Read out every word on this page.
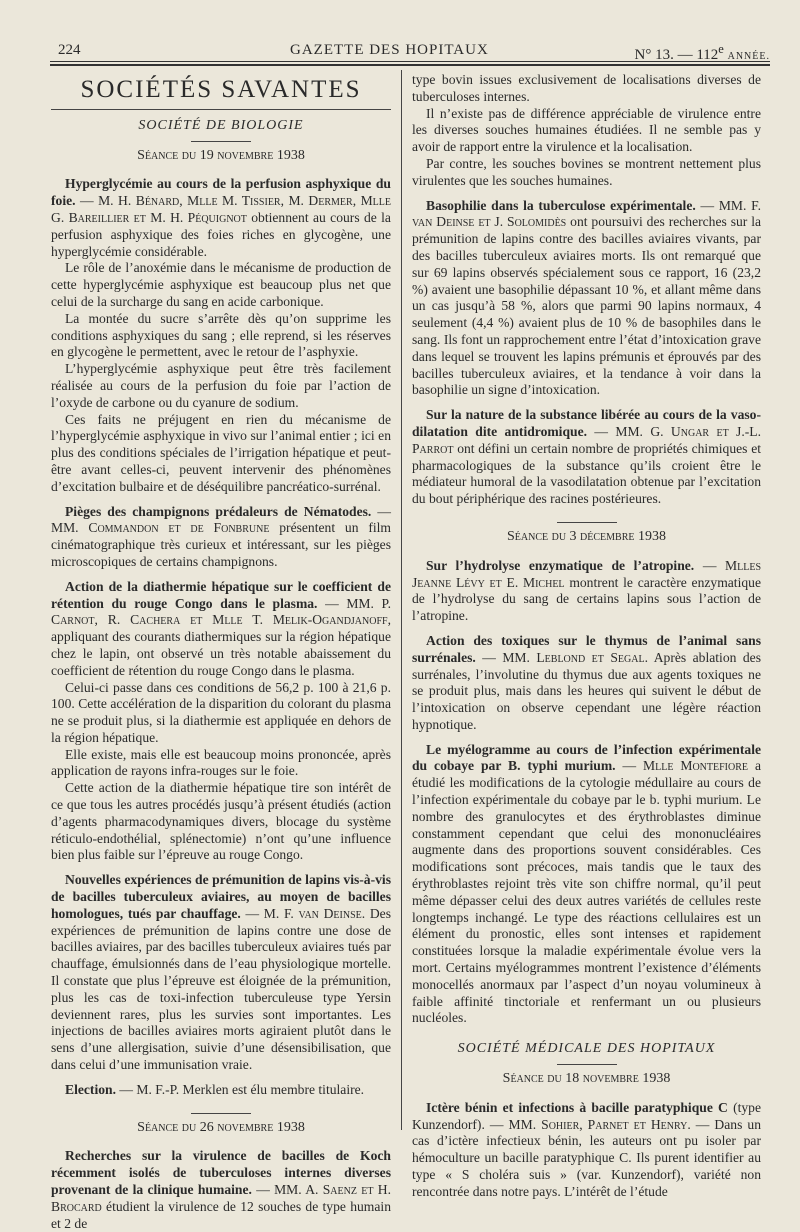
224	GAZETTE DES HOPITAUX	N° 13. — 112e ANNÉE.

SOCIÉTÉS SAVANTES

SOCIÉTÉ DE BIOLOGIE

Séance du 19 novembre 1938

Hyperglycémie au cours de la perfusion asphyxique du foie. — M. H. Bénard, Mlle M. Tissier, M. Dermer, Mlle G. Bareillier et M. H. Péquignot obtiennent au cours de la perfusion asphyxique des foies riches en glycogène, une hyperglycémie considérable.

Le rôle de l’anoxémie dans le mécanisme de production de cette hyperglycémie asphyxique est beaucoup plus net que celui de la surcharge du sang en acide carbonique.

La montée du sucre s’arrête dès qu’on supprime les conditions asphyxiques du sang ; elle reprend, si les réserves en glycogène le permettent, avec le retour de l’asphyxie.

L’hyperglycémie asphyxique peut être très facilement réalisée au cours de la perfusion du foie par l’action de l’oxyde de carbone ou du cyanure de sodium.

Ces faits ne préjugent en rien du mécanisme de l’hyperglycémie asphyxique in vivo sur l’animal entier ; ici en plus des conditions spéciales de l’irrigation hépatique et peut-être avant celles-ci, peuvent intervenir des phénomènes d’excitation bulbaire et de déséquilibre pancréatico-surrénal.

Pièges des champignons prédaleurs de Nématodes. — MM. Commandon et de Fonbrune présentent un film cinématographique très curieux et intéressant, sur les pièges microscopiques de certains champignons.

Action de la diathermie hépatique sur le coefficient de rétention du rouge Congo dans le plasma. — MM. P. Carnot, R. Cachera et Mlle T. Melik-Ogandjanoff, appliquant des courants diathermiques sur la région hépatique chez le lapin, ont observé un très notable abaissement du coefficient de rétention du rouge Congo dans le plasma.

Celui-ci passe dans ces conditions de 56,2 p. 100 à 21,6 p. 100. Cette accélération de la disparition du colorant du plasma ne se produit plus, si la diathermie est appliquée en dehors de la région hépatique.

Elle existe, mais elle est beaucoup moins prononcée, après application de rayons infra-rouges sur le foie.

Cette action de la diathermie hépatique tire son intérêt de ce que tous les autres procédés jusqu’à présent étudiés (action d’agents pharmacodynamiques divers, blocage du système réticulo-endothélial, splénectomie) n’ont qu’une influence bien plus faible sur l’épreuve au rouge Congo.

Nouvelles expériences de prémunition de lapins vis-à-vis de bacilles tuberculeux aviaires, au moyen de bacilles homologues, tués par chauffage. — M. F. van Deinse. Des expériences de prémunition de lapins contre une dose de bacilles aviaires, par des bacilles tuberculeux aviaires tués par chauffage, émulsionnés dans de l’eau physiologique mortelle. Il constate que plus l’épreuve est éloignée de la prémunition, plus les cas de toxi-infection tuberculeuse type Yersin deviennent rares, plus les survies sont importantes. Les injections de bacilles aviaires morts agiraient plutôt dans le sens d’une allergisation, suivie d’une désensibilisation, que dans celui d’une immunisation vraie.

Election. — M. F.-P. Merklen est élu membre titulaire.

Séance du 26 novembre 1938

Recherches sur la virulence de bacilles de Koch récemment isolés de tuberculoses internes diverses provenant de la clinique humaine. — MM. A. Saenz et H. Brocard étudient la virulence de 12 souches de type humain et 2 de

type bovin issues exclusivement de localisations diverses de tuberculoses internes.

Il n’existe pas de différence appréciable de virulence entre les diverses souches humaines étudiées. Il ne semble pas y avoir de rapport entre la virulence et la localisation.

Par contre, les souches bovines se montrent nettement plus virulentes que les souches humaines.

Basophilie dans la tuberculose expérimentale. — MM. F. van Deinse et J. Solomidès ont poursuivi des recherches sur la prémunition de lapins contre des bacilles aviaires vivants, par des bacilles tuberculeux aviaires morts. Ils ont remarqué que sur 69 lapins observés spécialement sous ce rapport, 16 (23,2 %) avaient une basophilie dépassant 10 %, et allant même dans un cas jusqu’à 58 %, alors que parmi 90 lapins normaux, 4 seulement (4,4 %) avaient plus de 10 % de basophiles dans le sang. Ils font un rapprochement entre l’état d’intoxication grave dans lequel se trouvent les lapins prémunis et éprouvés par des bacilles tuberculeux aviaires, et la tendance à voir dans la basophilie un signe d’intoxication.

Sur la nature de la substance libérée au cours de la vaso-dilatation dite antidromique. — MM. G. Ungar et J.-L. Parrot ont défini un certain nombre de propriétés chimiques et pharmacologiques de la substance qu’ils croient être le médiateur humoral de la vasodilatation obtenue par l’excitation du bout périphérique des racines postérieures.

Séance du 3 décembre 1938

Sur l’hydrolyse enzymatique de l’atropine. — Mlles Jeanne Lévy et E. Michel montrent le caractère enzymatique de l’hydrolyse du sang de certains lapins sous l’action de l’atropine.

Action des toxiques sur le thymus de l’animal sans surrénales. — MM. Leblond et Segal. Après ablation des surrénales, l’involutine du thymus due aux agents toxiques ne se produit plus, mais dans les heures qui suivent le début de l’intoxication on observe cependant une légère réaction hypnotique.

Le myélogramme au cours de l’infection expérimentale du cobaye par B. typhi murium. — Mlle Montefiore a étudié les modifications de la cytologie médullaire au cours de l’infection expérimentale du cobaye par le b. typhi murium. Le nombre des granulocytes et des érythroblastes diminue constamment cependant que celui des mononucléaires augmente dans des proportions souvent considérables. Ces modifications sont précoces, mais tandis que le taux des érythroblastes rejoint très vite son chiffre normal, qu’il peut même dépasser celui des deux autres variétés de cellules reste longtemps inchangé. Le type des réactions cellulaires est un élément du pronostic, elles sont intenses et rapidement constituées lorsque la maladie expérimentale évolue vers la mort. Certains myélogrammes montrent l’existence d’éléments monocellés anormaux par l’aspect d’un noyau volumineux à faible affinité tinctoriale et renfermant un ou plusieurs nucléoles.

SOCIÉTÉ MÉDICALE DES HOPITAUX

Séance du 18 novembre 1938

Ictère bénin et infections à bacille paratyphique C (type Kunzendorf). — MM. Sohier, Parnet et Henry. — Dans un cas d’ictère infectieux bénin, les auteurs ont pu isoler par hémoculture un bacille paratyphique C. Ils purent identifier au type « S choléra suis » (var. Kunzendorf), variété non rencontrée dans notre pays. L’intérêt de l’étude
